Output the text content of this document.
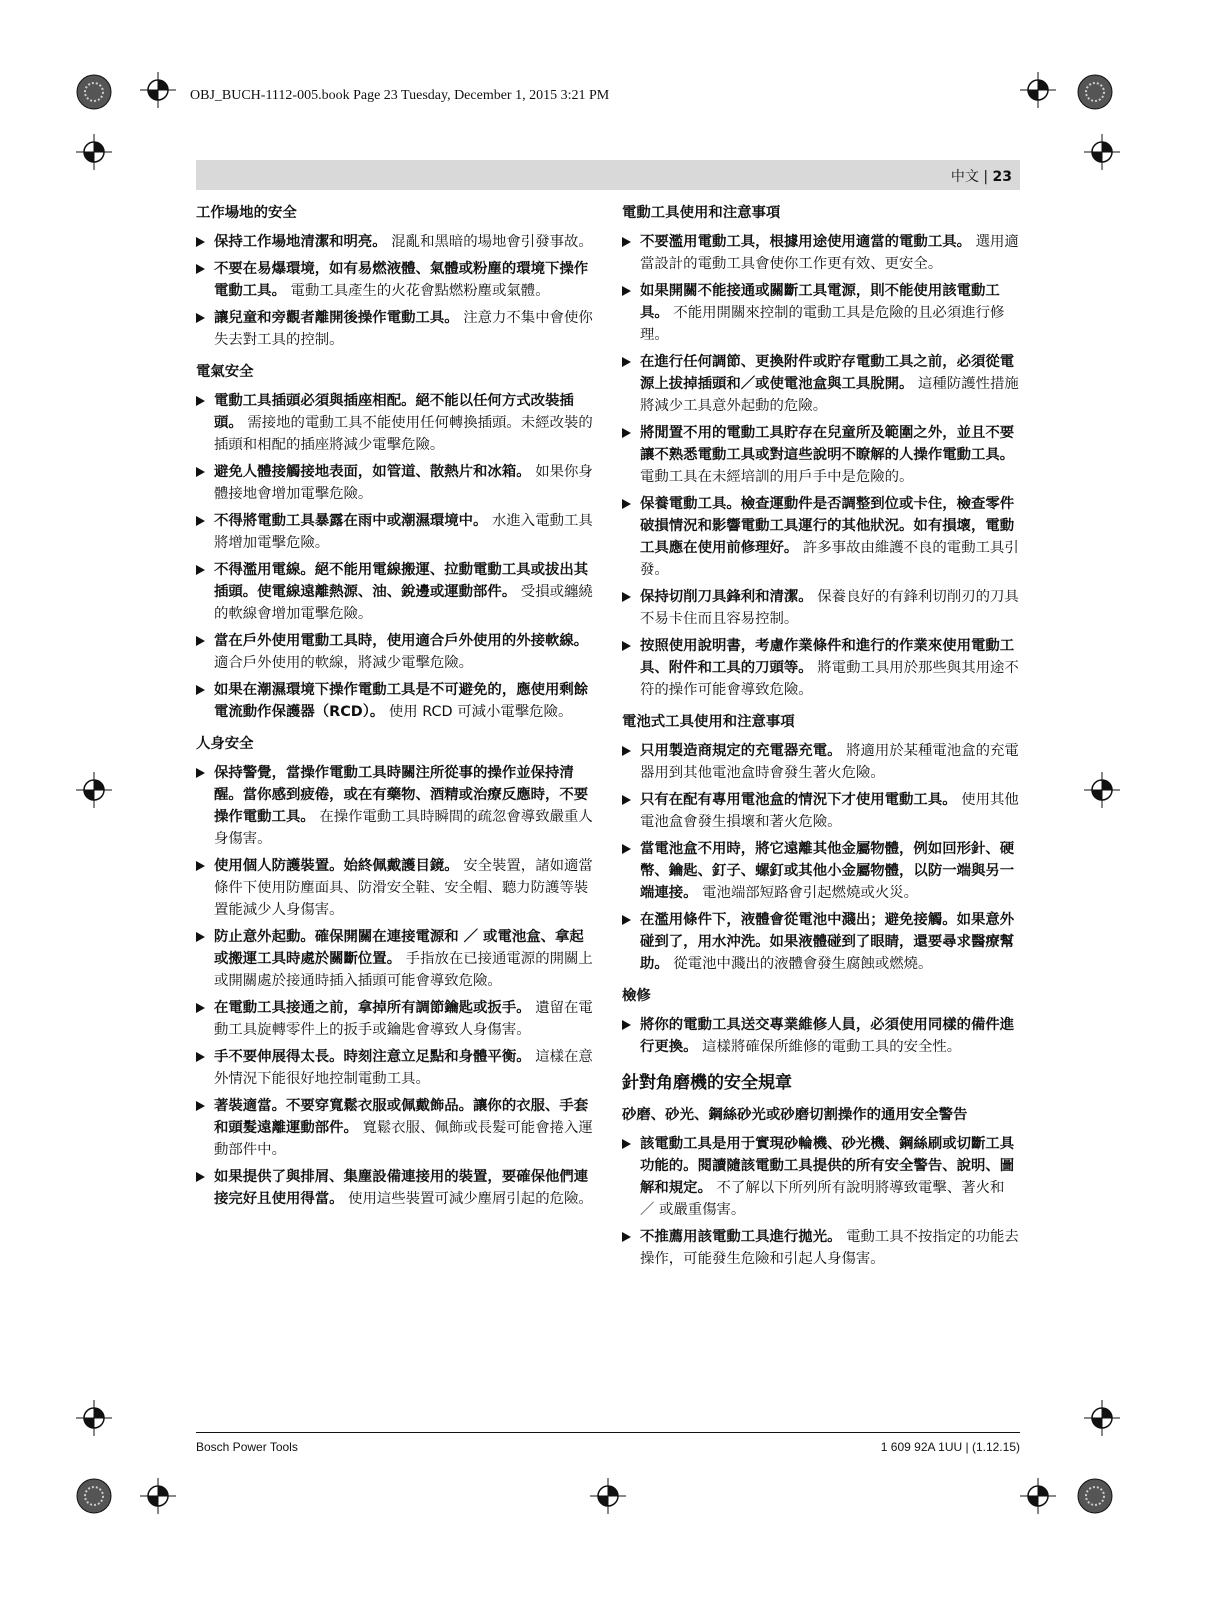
OBJ_BUCH-1112-005.book Page 23 Tuesday, December 1, 2015 3:21 PM
中文 | 23
工作場地的安全
保持工作場地清潔和明亮。 混亂和黑暗的場地會引發事故。
不要在易爆環境，如有易燃液體、氣體或粉塵的環境下操作電動工具。 電動工具產生的火花會點燃粉塵或氣體。
讓兒童和旁觀者離開後操作電動工具。 注意力不集中會使你失去對工具的控制。
電氣安全
電動工具插頭必須與插座相配。絕不能以任何方式改裝插頭。 需接地的電動工具不能使用任何轉換插頭。未經改裝的插頭和相配的插座將減少電擊危險。
避免人體接觸接地表面，如管道、散熱片和冰箱。 如果你身體接地會增加電擊危險。
不得將電動工具暴露在雨中或潮濕環境中。 水進入電動工具將增加電擊危險。
不得濫用電線。絕不能用電線搬運、拉動電動工具或拔出其插頭。使電線遠離熱源、油、銳邊或運動部件。 受損或纏繞的軟線會增加電擊危險。
當在戶外使用電動工具時，使用適合戶外使用的外接軟線。 適合戶外使用的軟線，將減少電擊危險。
如果在潮濕環境下操作電動工具是不可避免的，應使用剩餘電流動作保護器（RCD）。 使用 RCD 可減小電擊危險。
人身安全
保持警覺，當操作電動工具時關注所從事的操作並保持清醒。當你感到疲倦，或在有藥物、酒精或治療反應時，不要操作電動工具。 在操作電動工具時瞬間的疏忽會導致嚴重人身傷害。
使用個人防護裝置。始終佩戴護目鏡。 安全裝置，諸如適當條件下使用防塵面具、防滑安全鞋、安全帽、聽力防護等裝置能減少人身傷害。
防止意外起動。確保開關在連接電源和 ／ 或電池盒、拿起或搬運工具時處於關斷位置。 手指放在已接通電源的開關上或開關處於接通時插入插頭可能會導致危險。
在電動工具接通之前，拿掉所有調節鑰匙或扳手。 遺留在電動工具旋轉零件上的扳手或鑰匙會導致人身傷害。
手不要伸展得太長。時刻注意立足點和身體平衡。 這樣在意外情況下能很好地控制電動工具。
著裝適當。不要穿寬鬆衣服或佩戴飾品。讓你的衣服、手套和頭髮遠離運動部件。 寬鬆衣服、佩飾或長髮可能會捲入運動部件中。
如果提供了與排屑、集塵設備連接用的裝置，要確保他們連接完好且使用得當。 使用這些裝置可減少塵屑引起的危險。
電動工具使用和注意事項
不要濫用電動工具，根據用途使用適當的電動工具。 選用適當設計的電動工具會使你工作更有效、更安全。
如果開關不能接通或關斷工具電源，則不能使用該電動工具。 不能用開關來控制的電動工具是危險的且必須進行修理。
在進行任何調節、更換附件或貯存電動工具之前，必須從電源上拔掉插頭和／或使電池盒與工具脫開。 這種防護性措施將減少工具意外起動的危險。
將閒置不用的電動工具貯存在兒童所及範圍之外，並且不要讓不熟悉電動工具或對這些說明不瞭解的人操作電動工具。 電動工具在未經培訓的用戶手中是危險的。
保養電動工具。檢查運動件是否調整到位或卡住，檢查零件破損情況和影響電動工具運行的其他狀況。如有損壞，電動工具應在使用前修理好。 許多事故由維護不良的電動工具引發。
保持切削刀具鋒利和清潔。 保養良好的有鋒利切削刃的刀具不易卡住而且容易控制。
按照使用說明書，考慮作業條件和進行的作業來使用電動工具、附件和工具的刀頭等。 將電動工具用於那些與其用途不符的操作可能會導致危險。
電池式工具使用和注意事項
只用製造商規定的充電器充電。 將適用於某種電池盒的充電器用到其他電池盒時會發生著火危險。
只有在配有專用電池盒的情況下才使用電動工具。 使用其他電池盒會發生損壞和著火危險。
當電池盒不用時，將它遠離其他金屬物體，例如回形針、硬幣、鑰匙、釘子、螺釘或其他小金屬物體，以防一端與另一端連接。 電池端部短路會引起燃燒或火災。
在濫用條件下，液體會從電池中濺出；避免接觸。如果意外碰到了，用水沖洗。如果液體碰到了眼睛，還要尋求醫療幫助。 從電池中濺出的液體會發生腐蝕或燃燒。
檢修
將你的電動工具送交專業維修人員，必須使用同樣的備件進行更換。 這樣將確保所維修的電動工具的安全性。
針對角磨機的安全規章
砂磨、砂光、鋼絲砂光或砂磨切割操作的通用安全警告
該電動工具是用于實現砂輪機、砂光機、鋼絲刷或切斷工具功能的。閱讀隨該電動工具提供的所有安全警告、說明、圖解和規定。 不了解以下所列所有說明將導致電擊、著火和 ／ 或嚴重傷害。
不推薦用該電動工具進行拋光。 電動工具不按指定的功能去操作，可能發生危險和引起人身傷害。
Bosch Power Tools	1 609 92A 1UU | (1.12.15)
